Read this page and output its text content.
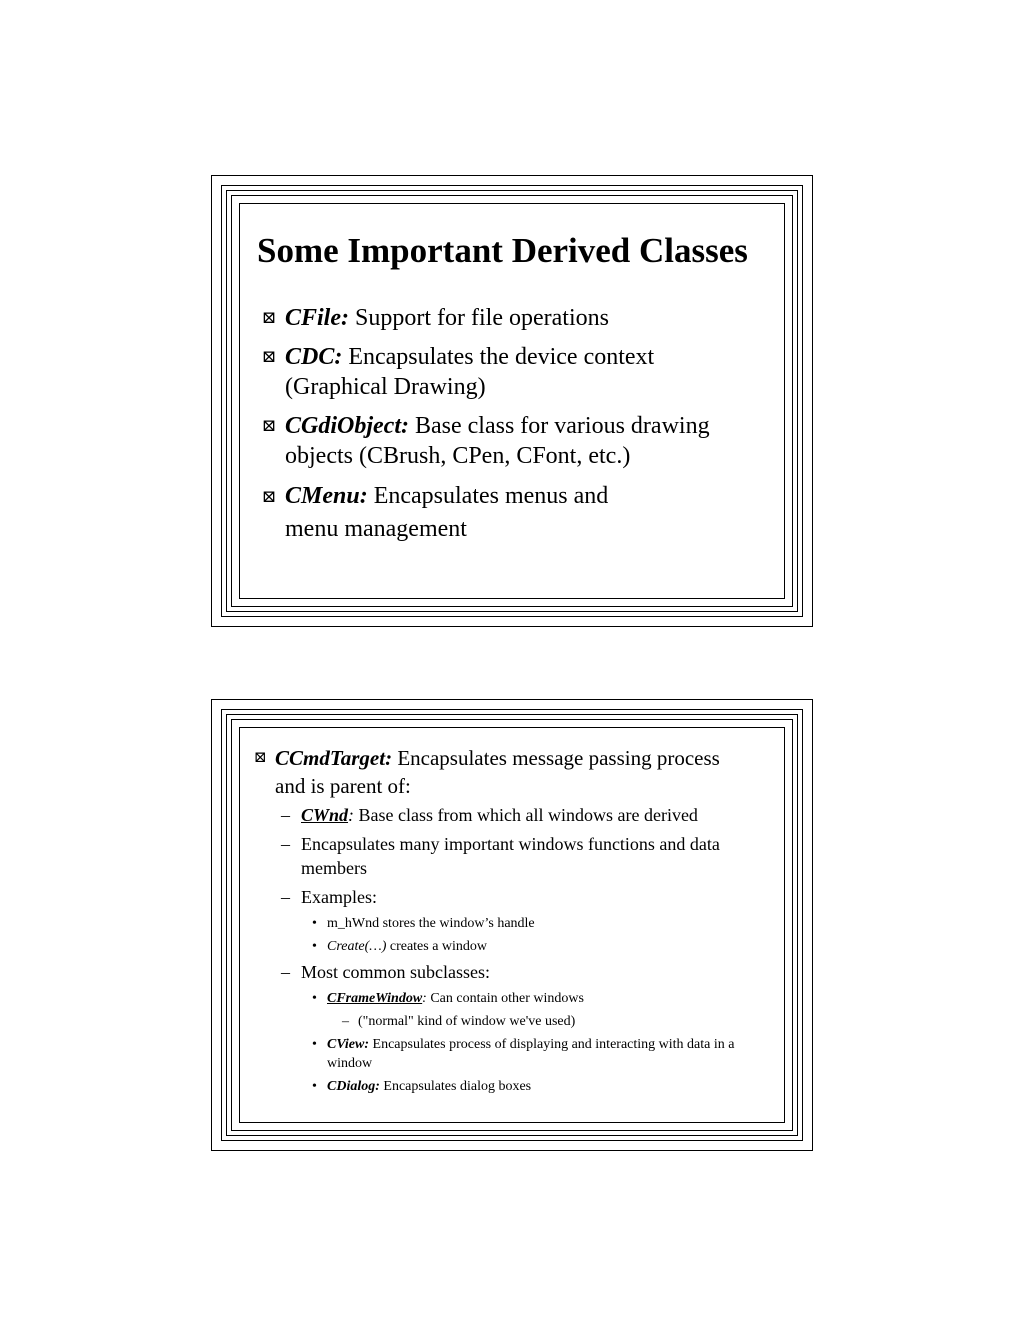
Some Important Derived Classes
⊠ CFile: Support for file operations
⊠ CDC: Encapsulates the device context
(Graphical Drawing)
⊠ CGdiObject: Base class for various drawing
objects (CBrush, CPen, CFont, etc.)
⊠ CMenu: Encapsulates menus and
menu management
⊠ CCmdTarget: Encapsulates message passing process
and is parent of:
– CWnd: Base class from which all windows are derived
– Encapsulates many important windows functions and data members
– Examples:
• m_hWnd stores the window’s handle
• Create(…) creates a window
– Most common subclasses:
• CFrameWindow: Can contain other windows
– ("normal" kind of window we've used)
• CView: Encapsulates process of displaying and interacting with data in a window
• CDialog: Encapsulates dialog boxes
